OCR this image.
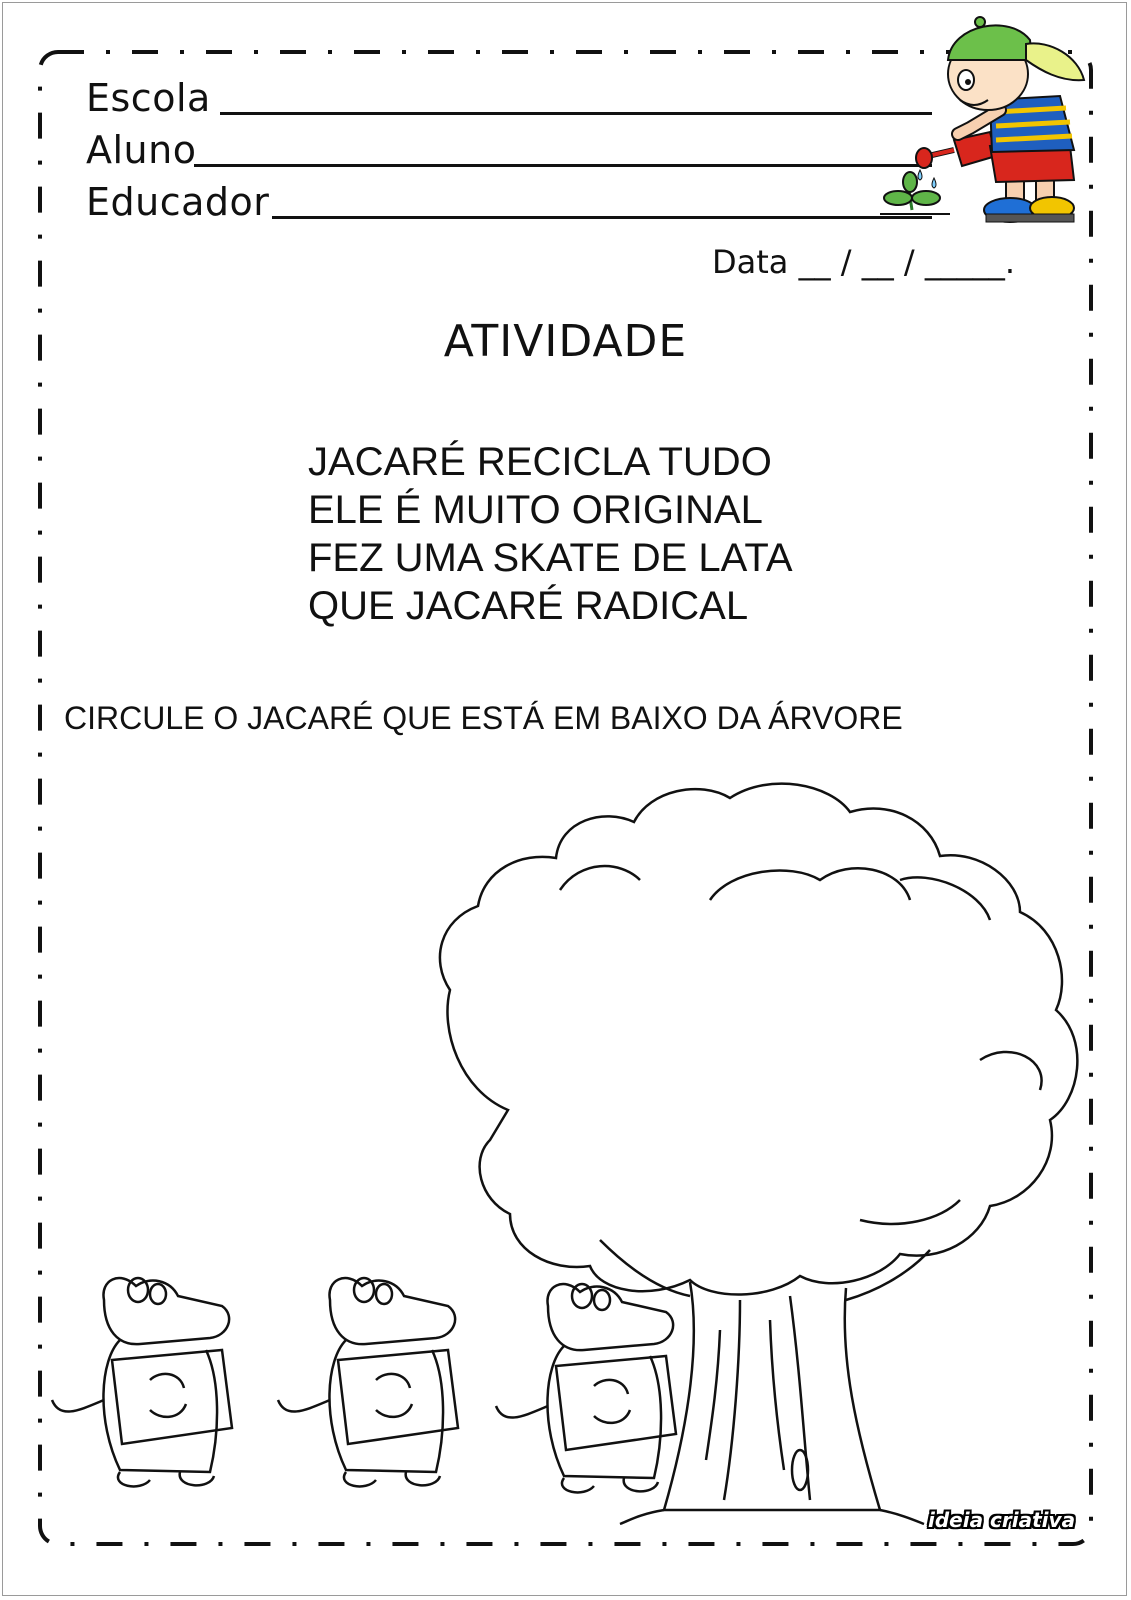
Escola
Aluno
Educador
Data __ / __ / _____.
ATIVIDADE
JACARÉ RECICLA TUDO
ELE É MUITO ORIGINAL
FEZ UMA SKATE DE LATA
QUE JACARÉ RADICAL
CIRCULE O JACARÉ QUE ESTÁ EM BAIXO DA ÁRVORE
ideia criativa
